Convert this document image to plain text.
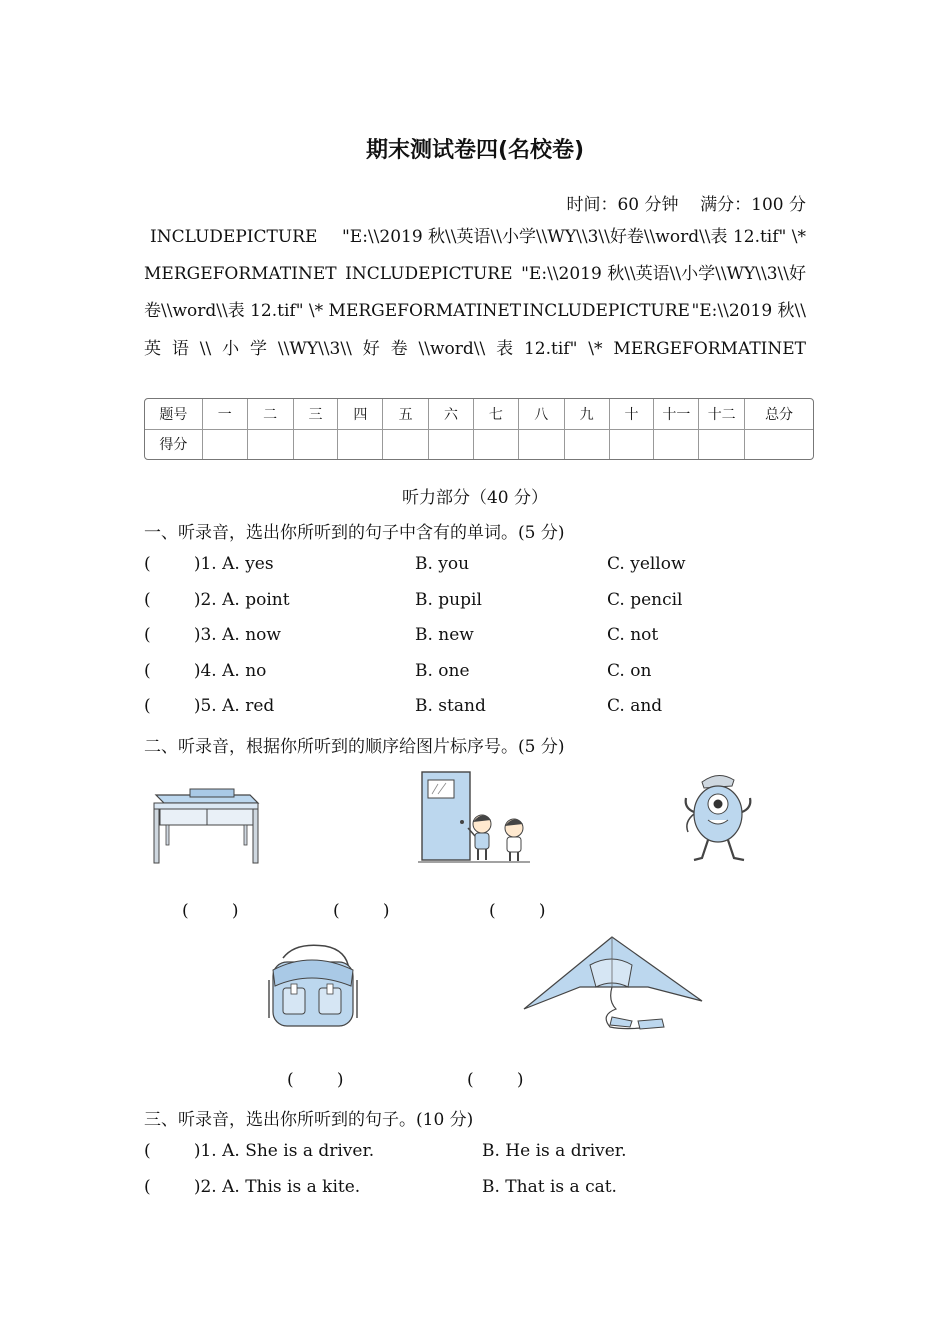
期末测试卷四(名校卷)
时间：60 分钟 满分：100 分
INCLUDEPICTURE "E:\\2019 秋\\英语\\小学\\WY\\3\\好卷\\word\\表 12.tif" \*
MERGEFORMATINET INCLUDEPICTURE "E:\\2019 秋\\英语\\小学\\WY\\3\\好
卷\\word\\表 12.tif" \* MERGEFORMATINET INCLUDEPICTURE "E:\\2019 秋\\
英 语 \\ 小 学 \\WY\\3\\ 好 卷 \\word\\ 表 12.tif" \* MERGEFORMATINET
题号	一	二	三	四	五	六	七	八	九	十	十一	十二	总分
得分													
听力部分（40 分）
一、听录音，选出你所听到的句子中含有的单词。(5 分)
(        )1. A. yes	B. you	C. yellow
(        )2. A. point	B. pupil	C. pencil
(        )3. A. now	B. new	C. not
(        )4. A. no	B. one	C. on
(        )5. A. red	B. stand	C. and
二、听录音，根据你所听到的顺序给图片标序号。(5 分)
(        )	(        )	(        )
(        )	(        )
三、听录音，选出你所听到的句子。(10 分)
(        )1. A. She is a driver.	B. He is a driver.
(        )2. A. This is a kite.	B. That is a cat.
